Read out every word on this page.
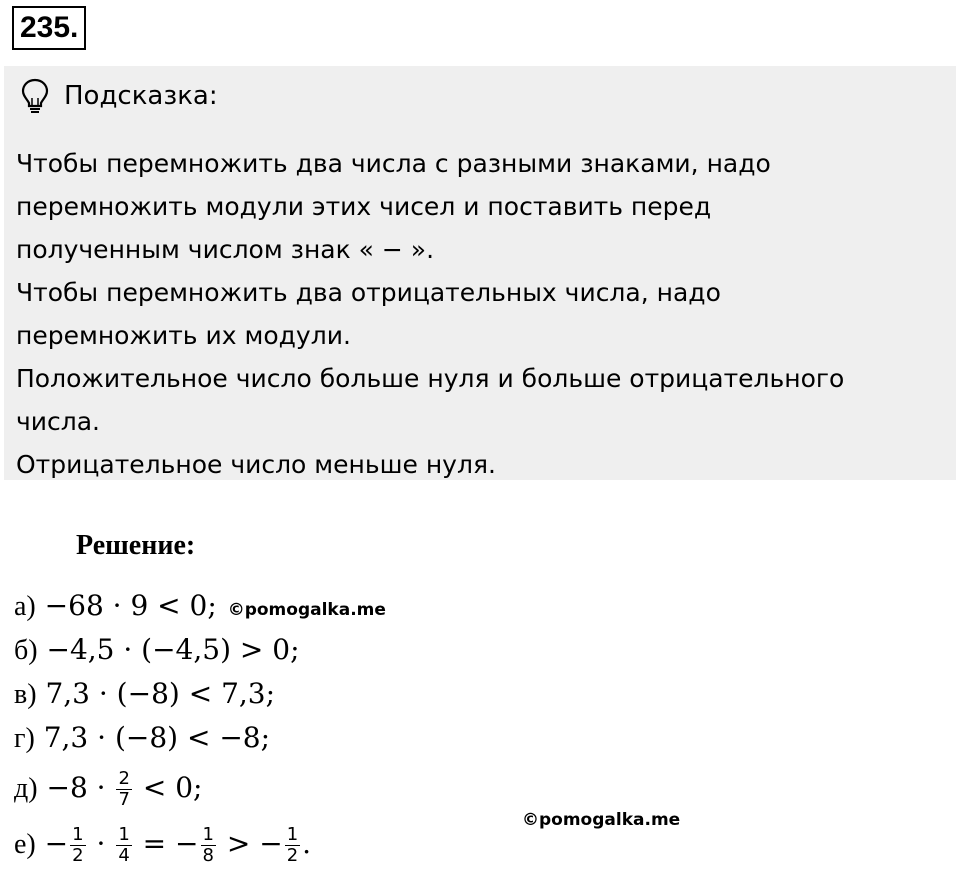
235.
Подсказка:
Чтобы перемножить два числа с разными знаками, надо
перемножить модули этих чисел и поставить перед
полученным числом знак « − ».
Чтобы перемножить два отрицательных числа, надо
перемножить их модули.
Положительное число больше нуля и больше отрицательного
числа.
Отрицательное число меньше нуля.
Решение:
а) −68 · 9 < 0; ©pomogalka.me
б) −4,5 · (−4,5) > 0;
в) 7,3 · (−8) < 7,3;
г) 7,3 · (−8) < −8;
$д) -8 \cdot \frac{2}{7} < 0$;
$е) - \frac{1}{2} \cdot \frac{1}{4}$ = − $\frac{1}{8}$ > − $\frac{1}{2}$ .
©pomogalka.me
